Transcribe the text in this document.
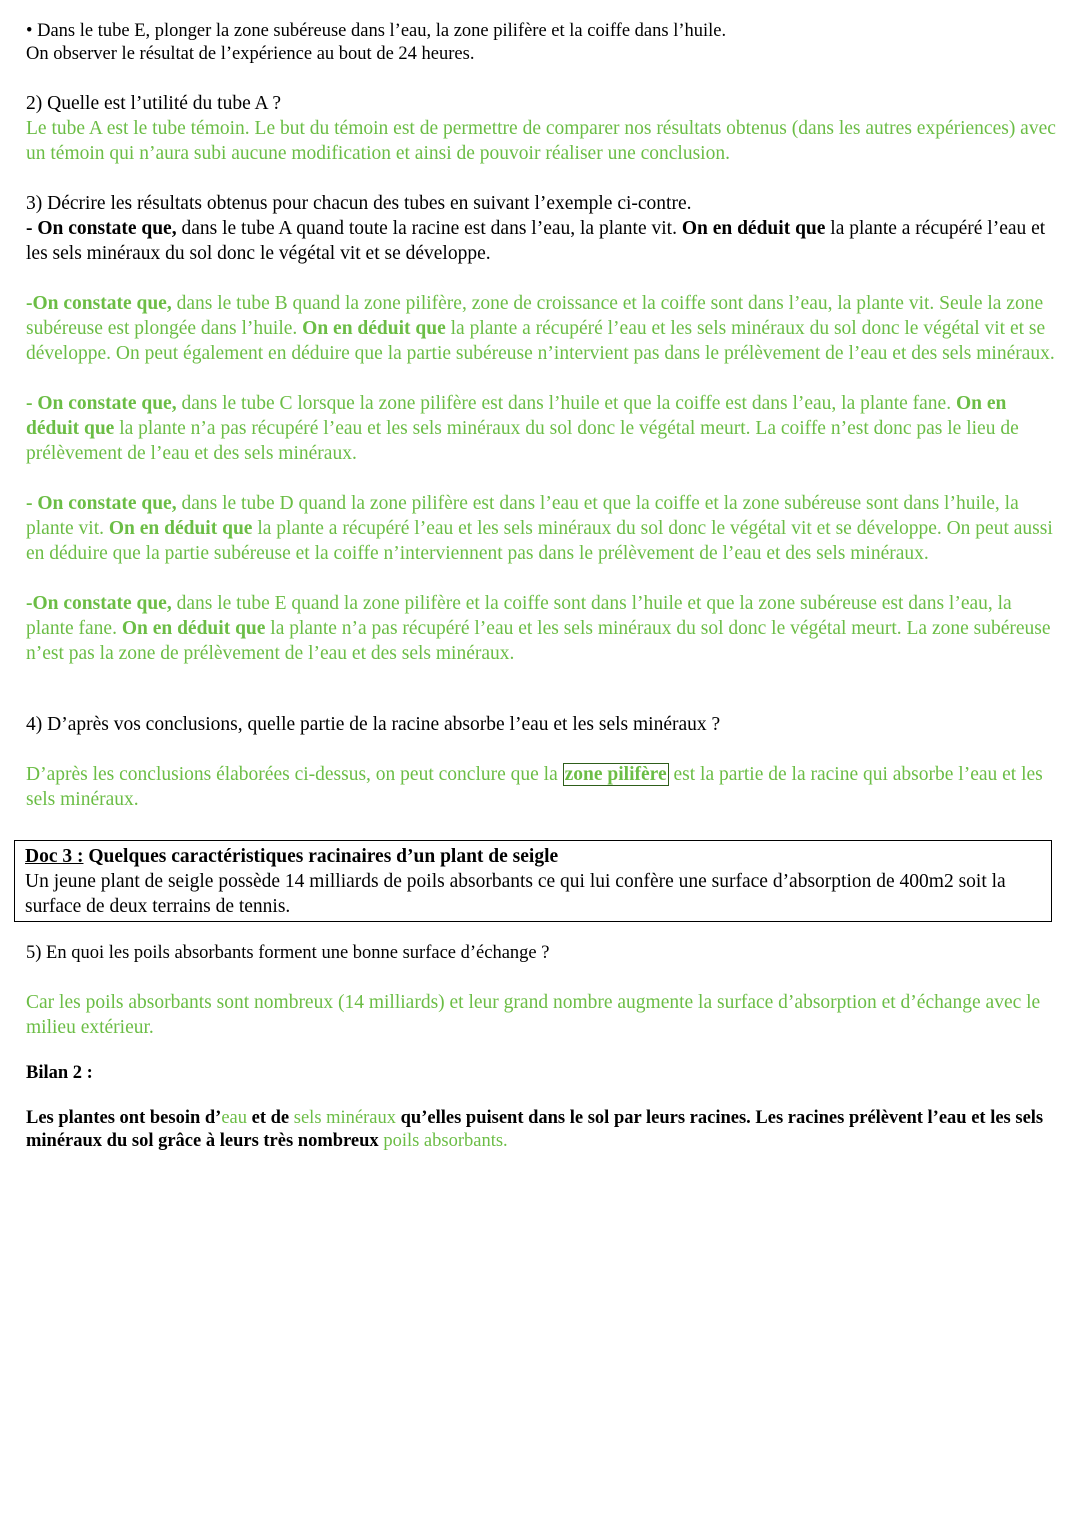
• Dans le tube E, plonger la zone subéreuse dans l’eau, la zone pilifère et la coiffe dans l’huile.

On observer le résultat de l’expérience au bout de 24 heures.

2) Quelle est l’utilité du tube A ?

Le tube A est le tube témoin. Le but du témoin est de permettre de comparer nos résultats obtenus (dans les autres expériences) avec un témoin qui n’aura subi aucune modification et ainsi de pouvoir réaliser une conclusion.

3) Décrire les résultats obtenus pour chacun des tubes en suivant l’exemple ci-contre.

- On constate que, dans le tube A quand toute la racine est dans l’eau, la plante vit. On en déduit que la plante a récupéré l’eau et les sels minéraux du sol donc le végétal vit et se développe.

-On constate que, dans le tube B quand la zone pilifère, zone de croissance et la coiffe sont dans l’eau, la plante vit. Seule la zone subéreuse est plongée dans l’huile. On en déduit que la plante a récupéré l’eau et les sels minéraux du sol donc le végétal vit et se développe. On peut également en déduire que la partie subéreuse n’intervient pas dans le prélèvement de l’eau et des sels minéraux.

- On constate que, dans le tube C lorsque la zone pilifère est dans l’huile et que la coiffe est dans l’eau, la plante fane. On en déduit que la plante n’a pas récupéré l’eau et les sels minéraux du sol donc le végétal meurt. La coiffe n’est donc pas le lieu de prélèvement de l’eau et des sels minéraux.

- On constate que, dans le tube D quand la zone pilifère est dans l’eau et que la coiffe et la zone subéreuse sont dans l’huile, la plante vit. On en déduit que la plante a récupéré l’eau et les sels minéraux du sol donc le végétal vit et se développe. On peut aussi en déduire que la partie subéreuse et la coiffe n’interviennent pas dans le prélèvement de l’eau et des sels minéraux.

-On constate que, dans le tube E quand la zone pilifère et la coiffe sont dans l’huile et que la zone subéreuse est dans l’eau, la plante fane. On en déduit que la plante n’a pas récupéré l’eau et les sels minéraux du sol donc le végétal meurt. La zone subéreuse n’est pas la zone de prélèvement de l’eau et des sels minéraux.

4) D’après vos conclusions, quelle partie de la racine absorbe l’eau et les sels minéraux ?

D’après les conclusions élaborées ci-dessus, on peut conclure que la zone pilifère est la partie de la racine qui absorbe l’eau et les sels minéraux.

Doc 3 : Quelques caractéristiques racinaires d’un plant de seigle

Un jeune plant de seigle possède 14 milliards de poils absorbants ce qui lui confère une surface d’absorption de 400m2 soit la surface de deux terrains de tennis.

5) En quoi les poils absorbants forment une bonne surface d’échange ?

Car les poils absorbants sont nombreux (14 milliards) et leur grand nombre augmente la surface d’absorption et d’échange avec le milieu extérieur.

Bilan 2 :

Les plantes ont besoin d’eau et de sels minéraux qu’elles puisent dans le sol par leurs racines. Les racines prélèvent l’eau et les sels minéraux du sol grâce à leurs très nombreux poils absorbants.
